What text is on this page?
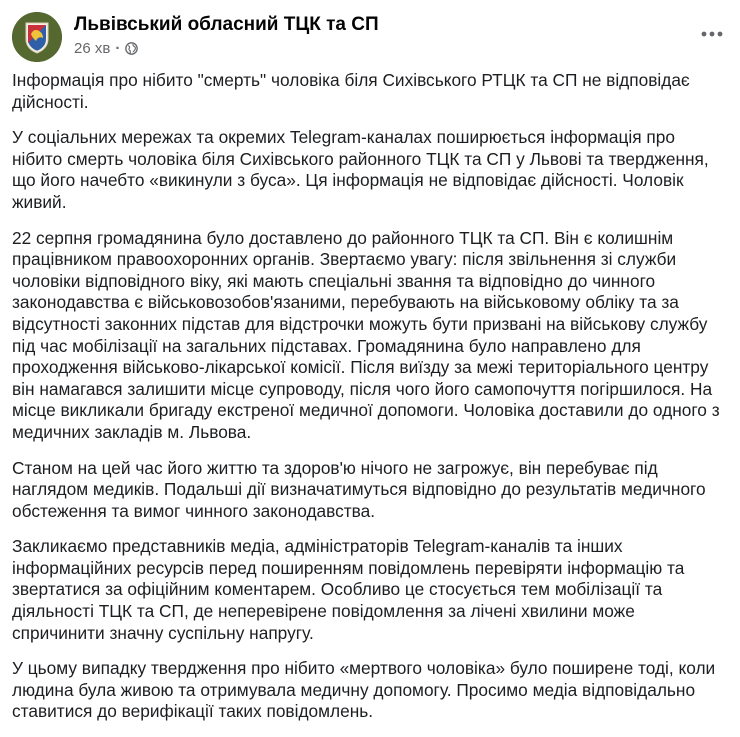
Львівський обласний ТЦК та СП
26 хв ·

Інформація про нібито "смерть" чоловіка біля Сихівського РТЦК та СП не відповідає дійсності.

У соціальних мережах та окремих Telegram-каналах поширюється інформація про нібито смерть чоловіка біля Сихівського районного ТЦК та СП у Львові та твердження, що його начебто «викинули з буса». Ця інформація не відповідає дійсності. Чоловік живий.

22 серпня громадянина було доставлено до районного ТЦК та СП. Він є колишнім працівником правоохоронних органів. Звертаємо увагу: після звільнення зі служби чоловіки відповідного віку, які мають спеціальні звання та відповідно до чинного законодавства є військовозобов'язаними, перебувають на військовому обліку та за відсутності законних підстав для відстрочки можуть бути призвані на військову службу під час мобілізації на загальних підставах. Громадянина було направлено для проходження військово-лікарської комісії. Після виїзду за межі територіального центру він намагався залишити місце супроводу, після чого його самопочуття погіршилося. На місце викликали бригаду екстреної медичної допомоги. Чоловіка доставили до одного з медичних закладів м. Львова.

Станом на цей час його життю та здоров'ю нічого не загрожує, він перебуває під наглядом медиків. Подальші дії визначатимуться відповідно до результатів медичного обстеження та вимог чинного законодавства.

Закликаємо представників медіа, адміністраторів Telegram-каналів та інших інформаційних ресурсів перед поширенням повідомлень перевіряти інформацію та звертатися за офіційним коментарем. Особливо це стосується тем мобілізації та діяльності ТЦК та СП, де неперевірене повідомлення за лічені хвилини може спричинити значну суспільну напругу.

У цьому випадку твердження про нібито «мертвого чоловіка» було поширене тоді, коли людина була живою та отримувала медичну допомогу. Просимо медіа відповідально ставитися до верифікації таких повідомлень.
